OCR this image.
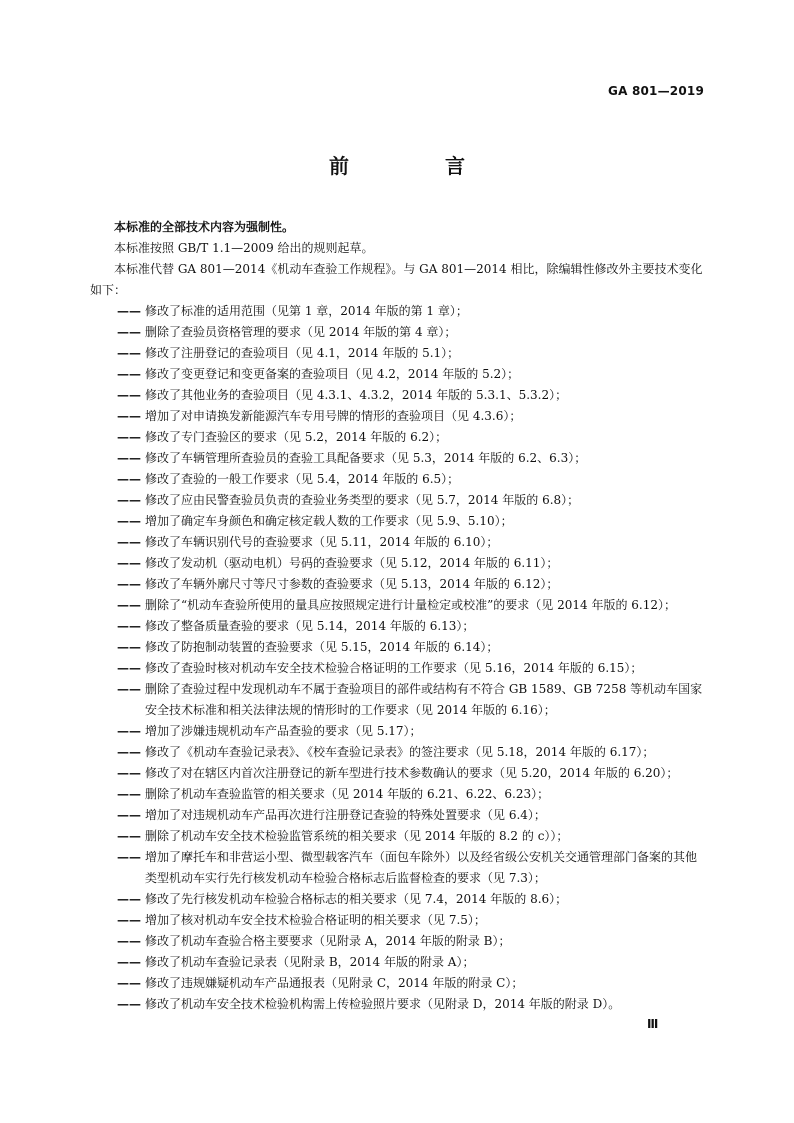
GA 801—2019
前　言

本标准的全部技术内容为强制性。

本标准按照 GB/T 1.1—2009 给出的规则起草。

本标准代替 GA 801—2014《机动车查验工作规程》。与 GA 801—2014 相比，除编辑性修改外主要技术变化如下：

—— 修改了标准的适用范围（见第 1 章，2014 年版的第 1 章）；
—— 删除了查验员资格管理的要求（见 2014 年版的第 4 章）；
—— 修改了注册登记的查验项目（见 4.1，2014 年版的 5.1）；
—— 修改了变更登记和变更备案的查验项目（见 4.2，2014 年版的 5.2）；
—— 修改了其他业务的查验项目（见 4.3.1、4.3.2，2014 年版的 5.3.1、5.3.2）；
—— 增加了对申请换发新能源汽车专用号牌的情形的查验项目（见 4.3.6）；
—— 修改了专门查验区的要求（见 5.2，2014 年版的 6.2）；
—— 修改了车辆管理所查验员的查验工具配备要求（见 5.3，2014 年版的 6.2、6.3）；
—— 修改了查验的一般工作要求（见 5.4，2014 年版的 6.5）；
—— 修改了应由民警查验员负责的查验业务类型的要求（见 5.7，2014 年版的 6.8）；
—— 增加了确定车身颜色和确定核定载人数的工作要求（见 5.9、5.10）；
—— 修改了车辆识别代号的查验要求（见 5.11，2014 年版的 6.10）；
—— 修改了发动机（驱动电机）号码的查验要求（见 5.12，2014 年版的 6.11）；
—— 修改了车辆外廓尺寸等尺寸参数的查验要求（见 5.13，2014 年版的 6.12）；
—— 删除了“机动车查验所使用的量具应按照规定进行计量检定或校准”的要求（见 2014 年版的 6.12）；
—— 修改了整备质量查验的要求（见 5.14，2014 年版的 6.13）；
—— 修改了防抱制动装置的查验要求（见 5.15，2014 年版的 6.14）；
—— 修改了查验时核对机动车安全技术检验合格证明的工作要求（见 5.16，2014 年版的 6.15）；
—— 删除了查验过程中发现机动车不属于查验项目的部件或结构有不符合 GB 1589、GB 7258 等机动车国家安全技术标准和相关法律法规的情形时的工作要求（见 2014 年版的 6.16）；
—— 增加了涉嫌违规机动车产品查验的要求（见 5.17）；
—— 修改了《机动车查验记录表》、《校车查验记录表》的签注要求（见 5.18，2014 年版的 6.17）；
—— 修改了对在辖区内首次注册登记的新车型进行技术参数确认的要求（见 5.20，2014 年版的 6.20）；
—— 删除了机动车查验监管的相关要求（见 2014 年版的 6.21、6.22、6.23）；
—— 增加了对违规机动车产品再次进行注册登记查验的特殊处置要求（见 6.4）；
—— 删除了机动车安全技术检验监管系统的相关要求（见 2014 年版的 8.2 的 c））；
—— 增加了摩托车和非营运小型、微型载客汽车（面包车除外）以及经省级公安机关交通管理部门备案的其他类型机动车实行先行核发机动车检验合格标志后监督检查的要求（见 7.3）；
—— 修改了先行核发机动车检验合格标志的相关要求（见 7.4，2014 年版的 8.6）；
—— 增加了核对机动车安全技术检验合格证明的相关要求（见 7.5）；
—— 修改了机动车查验合格主要要求（见附录 A，2014 年版的附录 B）；
—— 修改了机动车查验记录表（见附录 B，2014 年版的附录 A）；
—— 修改了违规嫌疑机动车产品通报表（见附录 C，2014 年版的附录 C）；
—— 修改了机动车安全技术检验机构需上传检验照片要求（见附录 D，2014 年版的附录 D）。
Ⅲ
